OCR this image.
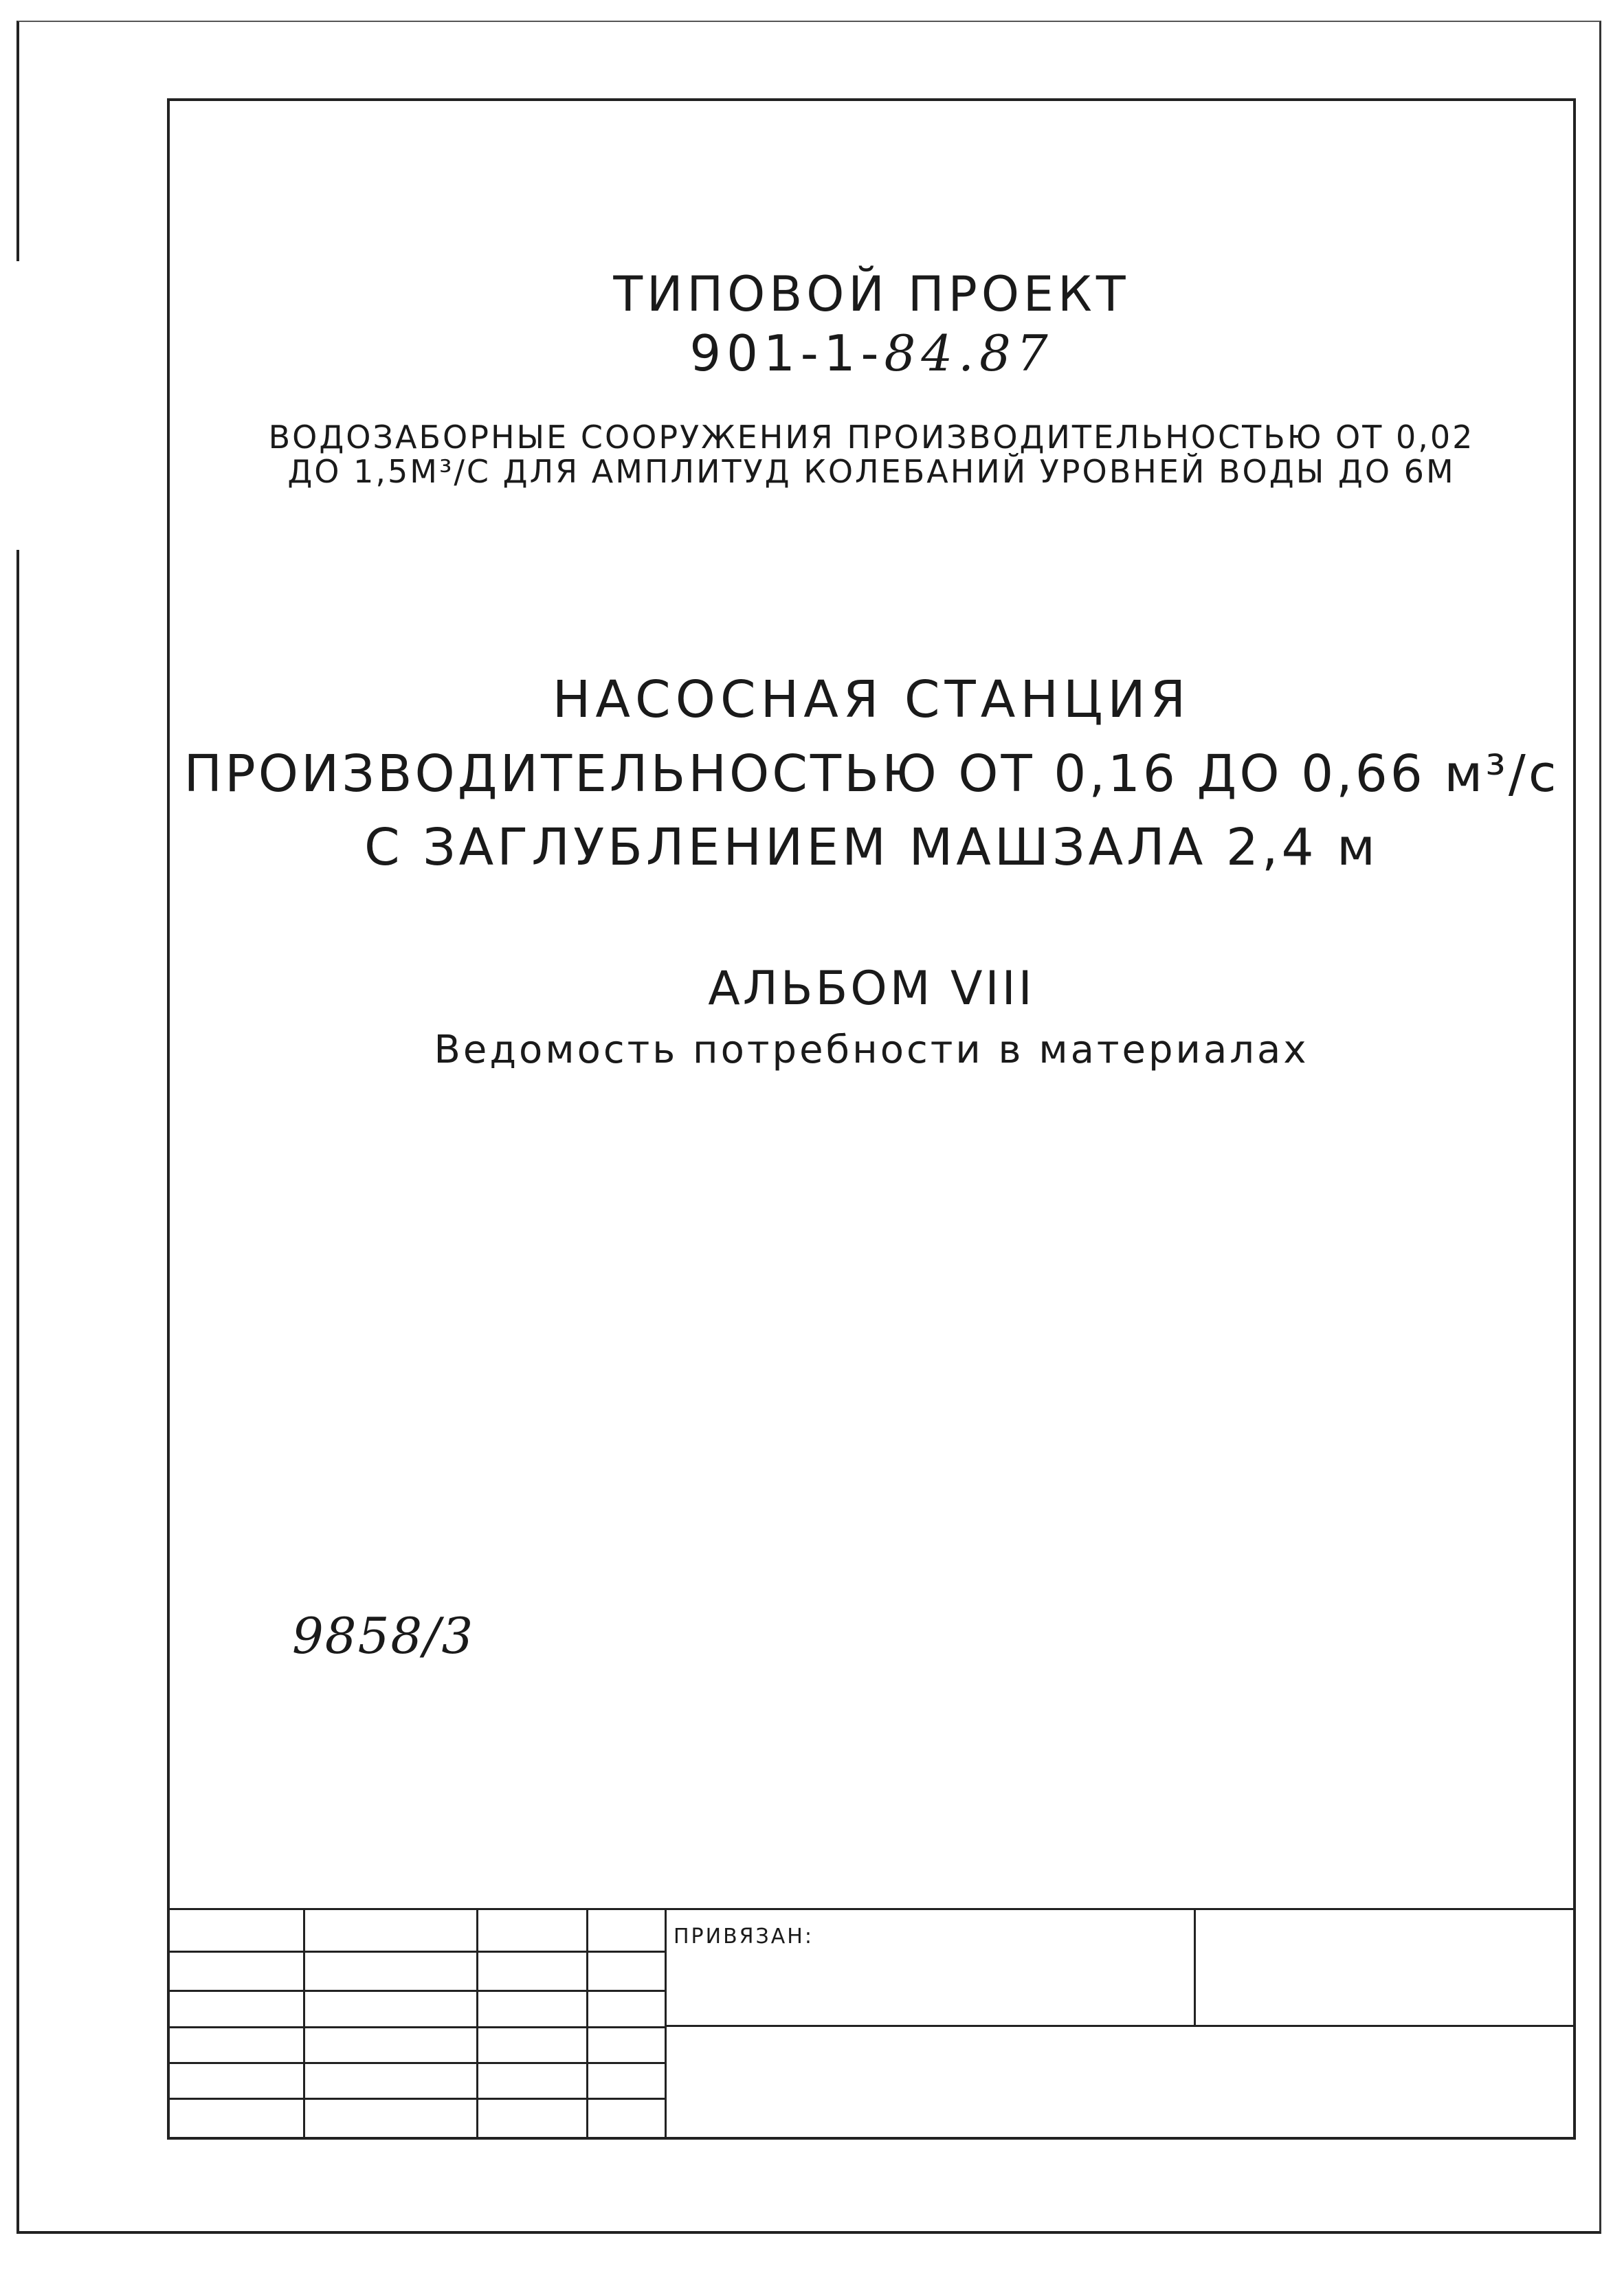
ТИПОВОЙ ПРОЕКТ
901-1-84.87
ВОДОЗАБОРНЫЕ СООРУЖЕНИЯ ПРОИЗВОДИТЕЛЬНОСТЬЮ ОТ 0,02
ДО 1,5М³/С ДЛЯ АМПЛИТУД КОЛЕБАНИЙ УРОВНЕЙ ВОДЫ ДО 6М
НАСОСНАЯ СТАНЦИЯ
ПРОИЗВОДИТЕЛЬНОСТЬЮ ОТ 0,16 ДО 0,66 м³/с
С ЗАГЛУБЛЕНИЕМ МАШЗАЛА 2,4 м
АЛЬБОМ VIII
Ведомость потребности в материалах
9858/3
ПРИВЯЗАН:
